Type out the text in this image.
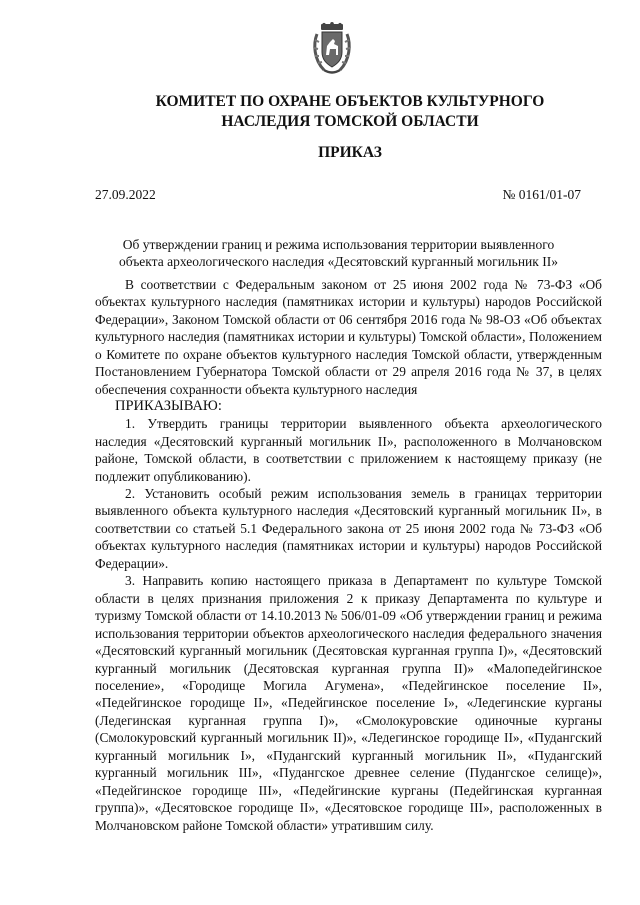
КОМИТЕТ ПО ОХРАНЕ ОБЪЕКТОВ КУЛЬТУРНОГО
НАСЛЕДИЯ ТОМСКОЙ ОБЛАСТИ
ПРИКАЗ
27.09.2022	№ 0161/01-07
Об утверждении границ и режима использования территории выявленного
объекта археологического наследия «Десятовский курганный могильник II»

В соответствии с Федеральным законом от 25 июня 2002 года № 73-ФЗ «Об объектах культурного наследия (памятниках истории и культуры) народов Российской Федерации», Законом Томской области от 06 сентября 2016 года № 98-ОЗ «Об объектах культурного наследия (памятниках истории и культуры) Томской области», Положением о Комитете по охране объектов культурного наследия Томской области, утвержденным Постановлением Губернатора Томской области от 29 апреля 2016 года № 37, в целях обеспечения сохранности объекта культурного наследия

ПРИКАЗЫВАЮ:

1. Утвердить границы территории выявленного объекта археологического наследия «Десятовский курганный могильник II», расположенного в Молчановском районе, Томской области, в соответствии с приложением к настоящему приказу (не подлежит опубликованию).

2. Установить особый режим использования земель в границах территории выявленного объекта культурного наследия «Десятовский курганный могильник II», в соответствии со статьей 5.1 Федерального закона от 25 июня 2002 года № 73-ФЗ «Об объектах культурного наследия (памятниках истории и культуры) народов Российской Федерации».

3. Направить копию настоящего приказа в Департамент по культуре Томской области в целях признания приложения 2 к приказу Департамента по культуре и туризму Томской области от 14.10.2013 № 506/01-09 «Об утверждении границ и режима использования территории объектов археологического наследия федерального значения «Десятовский курганный могильник (Десятовская курганная группа I)», «Десятовский курганный могильник (Десятовская курганная группа II)» «Малопедейгинское поселение», «Городище Могила Агумена», «Педейгинское поселение II», «Педейгинское городище II», «Педейгинское поселение I», «Ледегинские курганы (Ледегинская курганная группа I)», «Смолокуровские одиночные курганы (Смолокуровский курганный могильник II)», «Ледегинское городище II», «Пудангский курганный могильник I», «Пудангский курганный могильник II», «Пудангский курганный могильник III», «Пудангское древнее селение (Пудангское селище)», «Педейгинское городище III», «Педейгинские курганы (Педейгинская курганная группа)», «Десятовское городище II», «Десятовское городище III», расположенных в Молчановском районе Томской области» утратившим силу.
